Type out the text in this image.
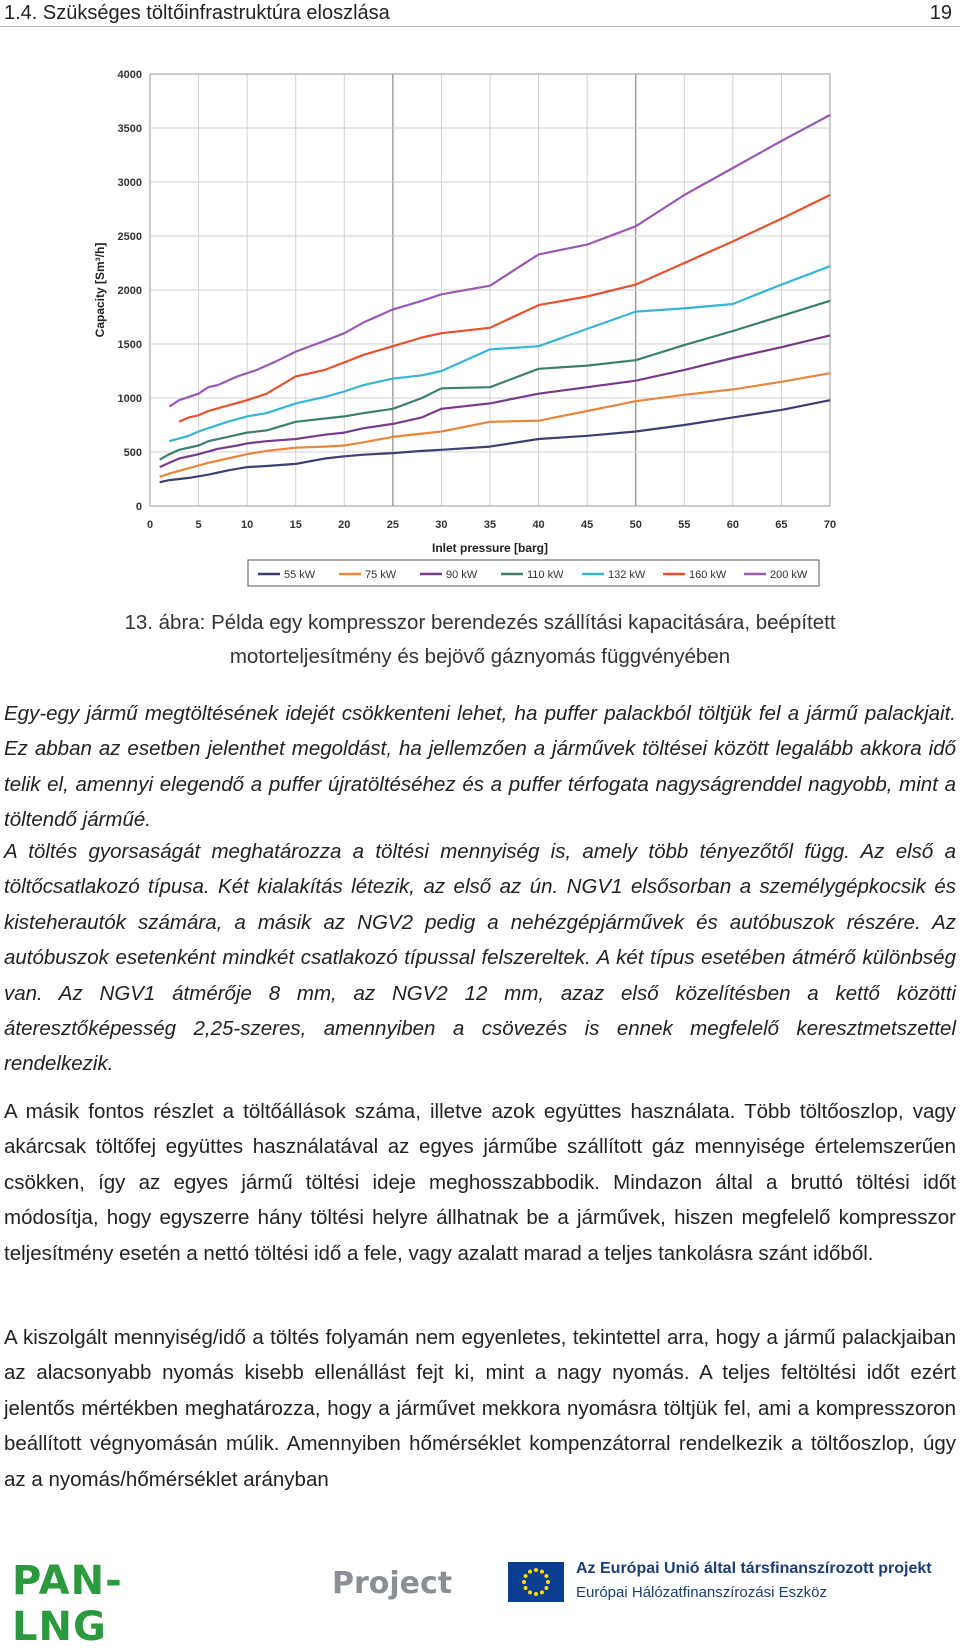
1.4. Szükséges töltőinfrastruktúra eloszlása	19
0	5	10	15	20	25	30	35	40	45	50	55	60	65	70
0
500
1000
1500
2000
2500
3000
3500
4000
Inlet pressure [barg]
Capacity [Sm³/h]
55 kW	75 kW	90 kW	110 kW	132 kW	160 kW	200 kW
13. ábra: Példa egy kompresszor berendezés szállítási kapacitására, beépített
motorteljesítmény és bejövő gáznyomás függvényében

Egy-egy jármű megtöltésének idejét csökkenteni lehet, ha puffer palackból töltjük fel a jármű palackjait. Ez abban az esetben jelenthet megoldást, ha jellemzően a járművek töltései között legalább akkora idő telik el, amennyi elegendő a puffer újratöltéséhez és a puffer térfogata nagyságrenddel nagyobb, mint a töltendő járműé.

A töltés gyorsaságát meghatározza a töltési mennyiség is, amely több tényezőtől függ. Az első a töltőcsatlakozó típusa. Két kialakítás létezik, az első az ún. NGV1 elsősorban a személygépkocsik és kisteherautók számára, a másik az NGV2 pedig a nehézgépjárművek és autóbuszok részére. Az autóbuszok esetenként mindkét csatlakozó típussal felszereltek. A két típus esetében átmérő különbség van. Az NGV1 átmérője 8 mm, az NGV2 12 mm, azaz első közelítésben a kettő közötti áteresztőképesség 2,25-szeres, amennyiben a csövezés is ennek megfelelő keresztmetszettel rendelkezik.

A másik fontos részlet a töltőállások száma, illetve azok együttes használata. Több töltőoszlop, vagy akárcsak töltőfej együttes használatával az egyes járműbe szállított gáz mennyisége értelemszerűen csökken, így az egyes jármű töltési ideje meghosszabbodik. Mindazon által a bruttó töltési időt módosítja, hogy egyszerre hány töltési helyre állhatnak be a járművek, hiszen megfelelő kompresszor teljesítmény esetén a nettó töltési idő a fele, vagy azalatt marad a teljes tankolásra szánt időből.

A kiszolgált mennyiség/idő a töltés folyamán nem egyenletes, tekintettel arra, hogy a jármű palackjaiban az alacsonyabb nyomás kisebb ellenállást fejt ki, mint a nagy nyomás. A teljes feltöltési időt ezért jelentős mértékben meghatározza, hogy a járművet mekkora nyomásra töltjük fel, ami a kompresszoron beállított végnyomásán múlik. Amennyiben hőmérséklet kompenzátorral rendelkezik a töltőoszlop, úgy az a nyomás/hőmérséklet arányban

PAN-LNG
Project	Az Európai Unió által társfinanszírozott projekt
Európai Hálózatfinanszírozási Eszköz
